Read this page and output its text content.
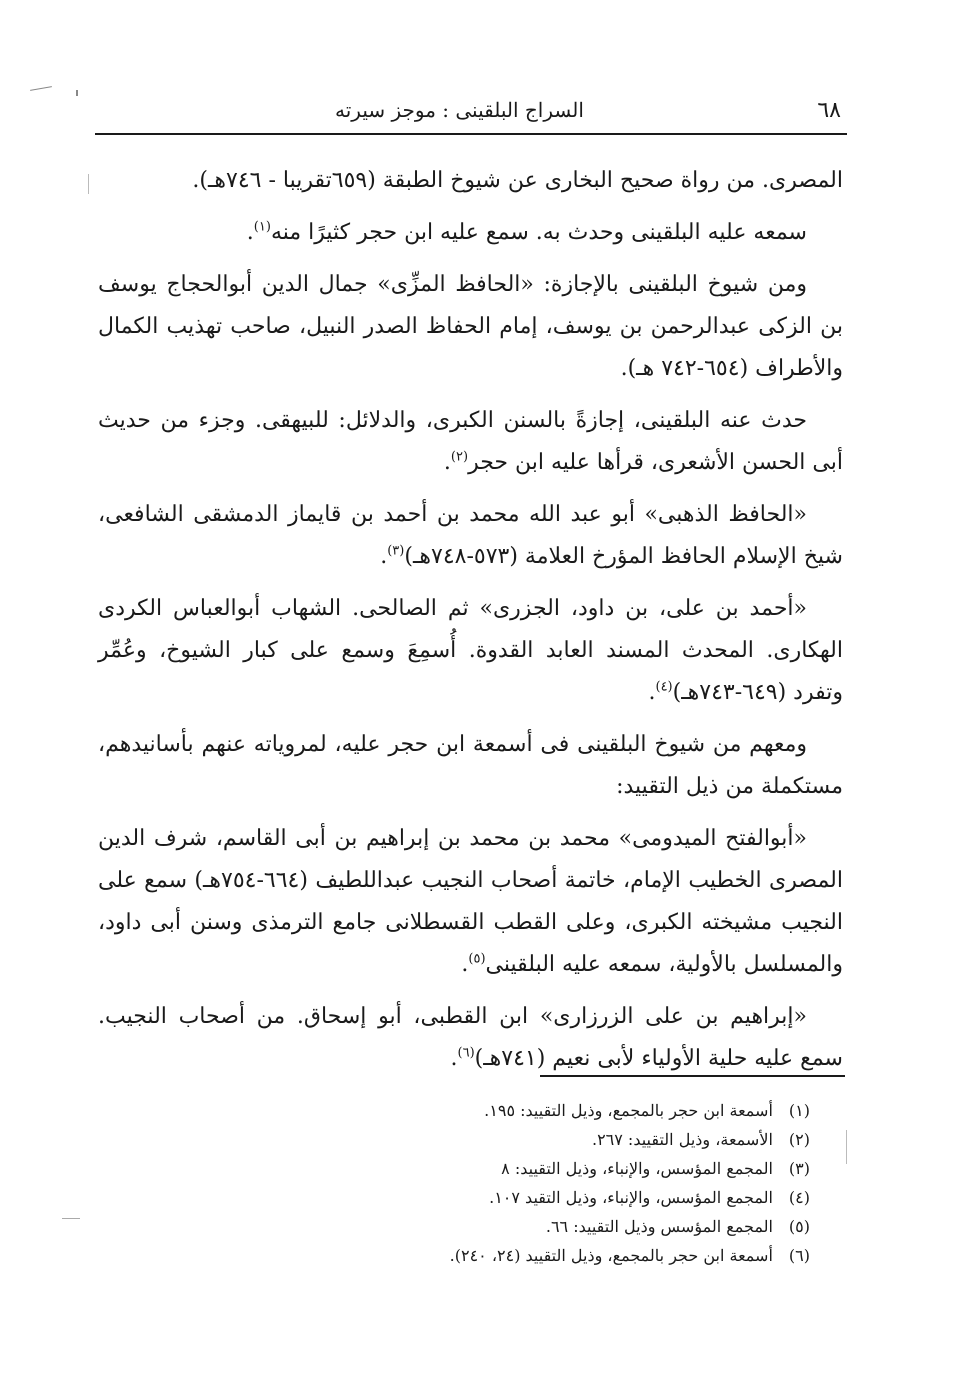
٦٨
السراج البلقينى : موجز سيرته

المصرى. من رواة صحيح البخارى عن شيوخ الطبقة (٦٥٩تقريبا - ٧٤٦هـ).

سمعه عليه البلقينى وحدث به. سمع عليه ابن حجر كثيرًا منه$^{(١)}$.

ومن شيوخ البلقينى بالإجازة: «الحافظ المزِّى» جمال الدين أبوالحجاج يوسف بن الزكى عبدالرحمن بن يوسف، إمام الحفاظ الصدر النبيل، صاحب تهذيب الكمال والأطراف (٦٥٤-٧٤٢ هـ).

حدث عنه البلقينى، إجازةً بالسنن الكبرى، والدلائل: للبيهقى. وجزء من حديث أبى الحسن الأشعرى، قرأها عليه ابن حجر$^{(٢)}$.

«الحافظ الذهبى» أبو عبد الله محمد بن أحمد بن قايماز الدمشقى الشافعى، شيخ الإسلام الحافظ المؤرخ العلامة (٥٧٣-٧٤٨هـ)$^{(٣)}$.

«أحمد بن على، بن داود، الجزرى» ثم الصالحى. الشهاب أبوالعباس الكردى الهكارى. المحدث المسند العابد القدوة. أُسمِعَ وسمع على كبار الشيوخ، وعُمِّر وتفرد (٦٤٩-٧٤٣هـ)$^{(٤)}$.

ومعهم من شيوخ البلقينى فى أسمعة ابن حجر عليه، لمروياته عنهم بأسانيدهم، مستكملة من ذيل التقييد:

«أبوالفتح الميدومى» محمد بن محمد بن إبراهيم بن أبى القاسم، شرف الدين المصرى الخطيب الإمام، خاتمة أصحاب النجيب عبداللطيف (٦٦٤-٧٥٤هـ) سمع على النجيب مشيخته الكبرى، وعلى القطب القسطلانى جامع الترمذى وسنن أبى داود، والمسلسل بالأولية، سمعه عليه البلقينى$^{(٥)}$.

«إبراهيم بن على الزرزارى» ابن القطبى، أبو إسحاق. من أصحاب النجيب. سمع عليه حلية الأولياء لأبى نعيم (٧٤١هـ)$^{(٦)}$.

(١) أسمعة ابن حجر بالمجمع، وذيل التقييد: ١٩٥.
(٢) الأسمعة، وذيل التقييد: ٢٦٧.
(٣) المجمع المؤسس، والإنباء، وذيل التقييد: ٨
(٤) المجمع المؤسس، والإنباء، وذيل التقيد ١٠٧.
(٥) المجمع المؤسس وذيل التقييد: ٦٦.
(٦) أسمعة ابن حجر بالمجمع، وذيل التقييد (٢٤، ٢٤٠).
